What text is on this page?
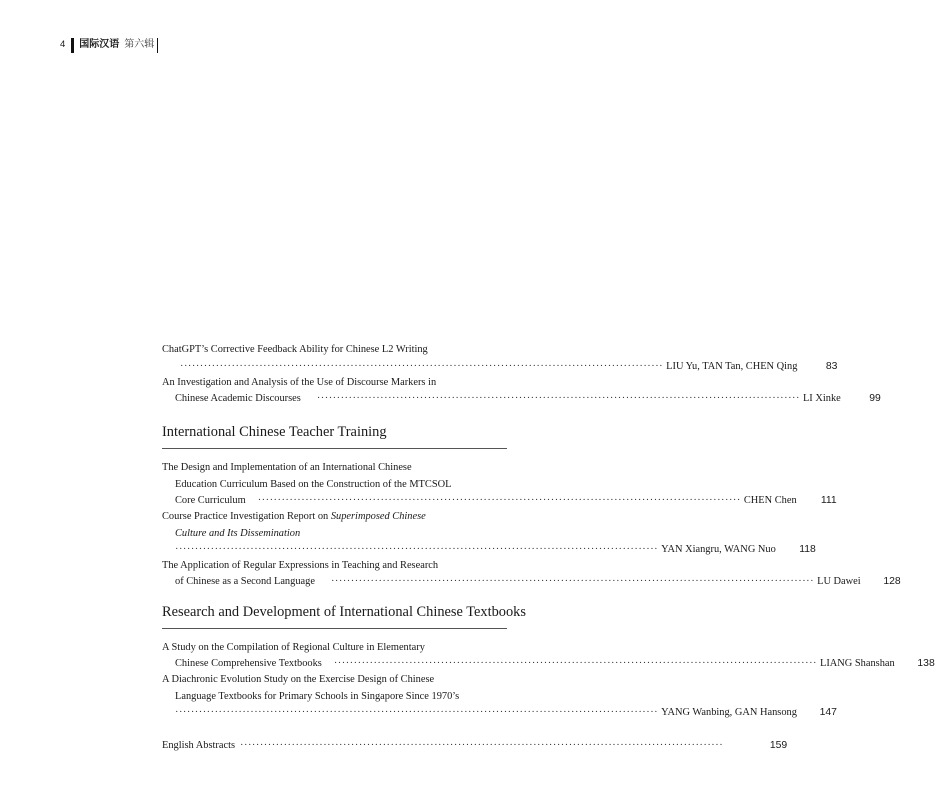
4 国际汉语 第六辑
ChatGPT’s Corrective Feedback Ability for Chinese L2 Writing
·························································································································· LIU Yu, TAN Tan, CHEN Qing	83
An Investigation and Analysis of the Use of Discourse Markers in
Chinese Academic Discourses ·························································································································· LI Xinke	99
International Chinese Teacher Training
The Design and Implementation of an International Chinese
Education Curriculum Based on the Construction of the MTCSOL
Core Curriculum ·························································································································· CHEN Chen	111
Course Practice Investigation Report on Superimposed Chinese
Culture and Its Dissemination
·························································································································· YAN Xiangru, WANG Nuo	118
The Application of Regular Expressions in Teaching and Research
of Chinese as a Second Language ·························································································································· LU Dawei	128
Research and Development of International Chinese Textbooks
A Study on the Compilation of Regional Culture in Elementary
Chinese Comprehensive Textbooks ·························································································································· LIANG Shanshan	138
A Diachronic Evolution Study on the Exercise Design of Chinese
Language Textbooks for Primary Schools in Singapore Since 1970’s
·························································································································· YANG Wanbing, GAN Hansong	147
English Abstracts ··························································································································	159
